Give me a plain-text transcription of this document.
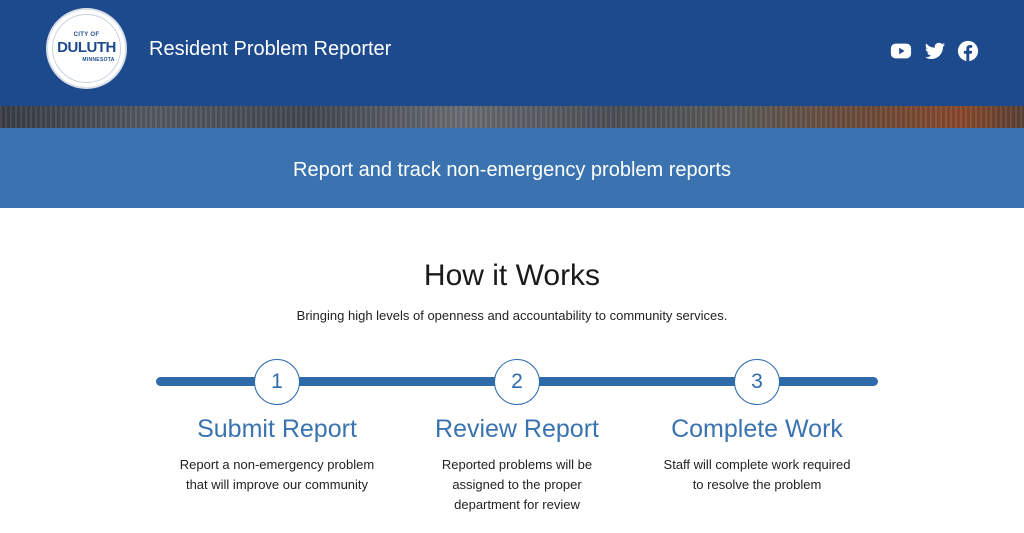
CITY OF
DULUTH
MINNESOTA	Resident Problem Reporter
Report and track non-emergency problem reports
How it Works
Bringing high levels of openness and accountability to community services.
1	2	3
Submit Report	Review Report	Complete Work
Report a non-emergency problem that will improve our community
Reported problems will be assigned to the proper department for review
Staff will complete work required to resolve the problem
